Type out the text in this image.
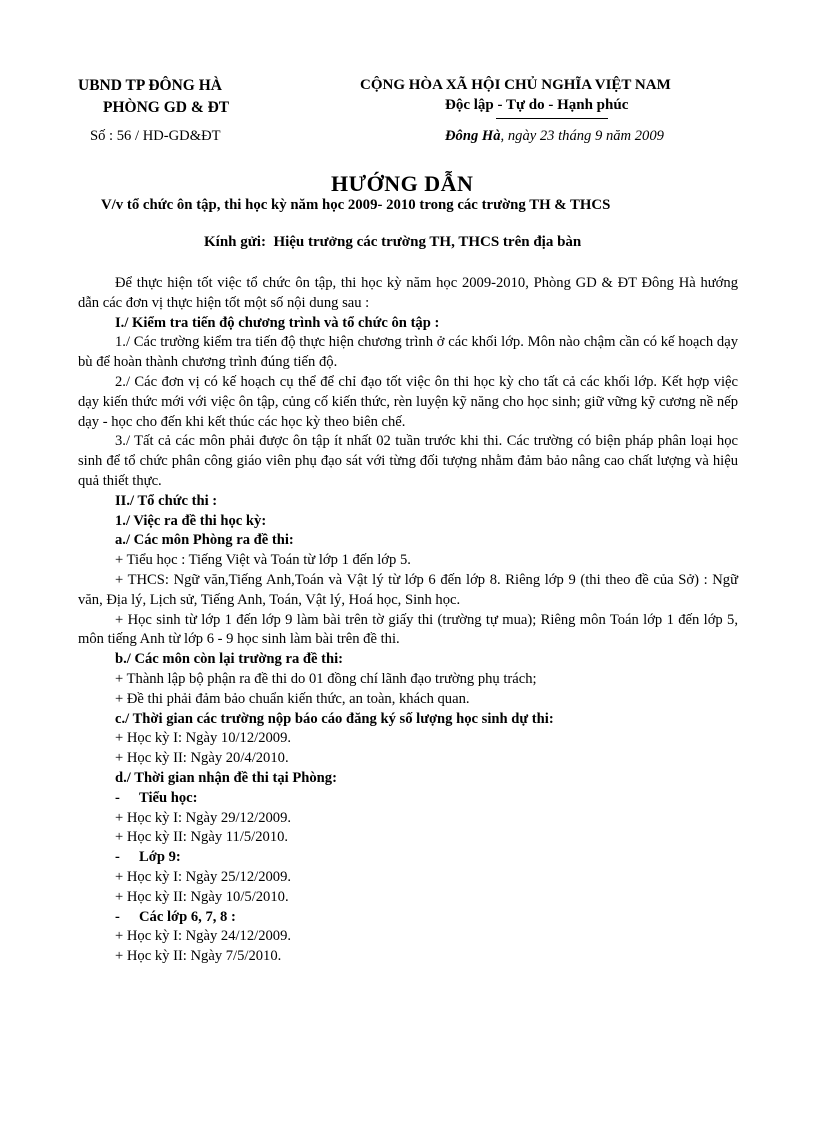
UBND TP ĐÔNG HÀ
PHÒNG GD & ĐT
Số : 56 / HD-GD&ĐT
CỘNG HÒA XÃ HỘI CHỦ NGHĨA VIỆT NAM
Độc lập - Tự do - Hạnh phúc
Đông Hà, ngày 23 tháng 9 năm 2009
HƯỚNG DẪN
V/v tổ chức ôn tập, thi học kỳ năm học 2009- 2010 trong các trường TH & THCS
Kính gửi: Hiệu trưởng các trường TH, THCS trên địa bàn

Để thực hiện tốt việc tổ chức ôn tập, thi học kỳ năm học 2009-2010, Phòng GD & ĐT Đông Hà hướng dẫn các đơn vị thực hiện tốt một số nội dung sau :

I./ Kiểm tra tiến độ chương trình và tổ chức ôn tập :

1./ Các trường kiểm tra tiến độ thực hiện chương trình ở các khối lớp. Môn nào chậm cần có kế hoạch dạy bù để hoàn thành chương trình đúng tiến độ.

2./ Các đơn vị có kế hoạch cụ thể để chỉ đạo tốt việc ôn thi học kỳ cho tất cả các khối lớp. Kết hợp việc dạy kiến thức mới với việc ôn tập, củng cố kiến thức, rèn luyện kỹ năng cho học sinh; giữ vững kỹ cương nề nếp dạy - học cho đến khi kết thúc các học kỳ theo biên chế.

3./ Tất cả các môn phải được ôn tập ít nhất 02 tuần trước khi thi. Các trường có biện pháp phân loại học sinh để tổ chức phân công giáo viên phụ đạo sát với từng đối tượng nhằm đảm bảo nâng cao chất lượng và hiệu quả thiết thực.

II./ Tổ chức thi :

1./ Việc ra đề thi học kỳ:

a./ Các môn Phòng ra đề thi:

+ Tiểu học : Tiếng Việt và Toán từ lớp 1 đến lớp 5.

+ THCS: Ngữ văn,Tiếng Anh,Toán và Vật lý từ lớp 6 đến lớp 8. Riêng lớp 9 (thi theo đề của Sở) : Ngữ văn, Địa lý, Lịch sử, Tiếng Anh, Toán, Vật lý, Hoá học, Sinh học.

+ Học sinh từ lớp 1 đến lớp 9 làm bài trên tờ giấy thi (trường tự mua); Riêng môn Toán lớp 1 đến lớp 5, môn tiếng Anh từ lớp 6 - 9 học sinh làm bài trên đề thi.

b./ Các môn còn lại trường ra đề thi:

+ Thành lập bộ phận ra đề thi do 01 đồng chí lãnh đạo trường phụ trách;

+ Đề thi phải đảm bảo chuẩn kiến thức, an toàn, khách quan.

c./ Thời gian các trường nộp báo cáo đăng ký số lượng học sinh dự thi:

+ Học kỳ I: Ngày 10/12/2009.

+ Học kỳ II: Ngày 20/4/2010.

d./ Thời gian nhận đề thi tại Phòng:

- Tiểu học:

+ Học kỳ I: Ngày 29/12/2009.

+ Học kỳ II: Ngày 11/5/2010.

- Lớp 9:

+ Học kỳ I: Ngày 25/12/2009.

+ Học kỳ II: Ngày 10/5/2010.

- Các lớp 6, 7, 8 :

+ Học kỳ I: Ngày 24/12/2009.

+ Học kỳ II: Ngày 7/5/2010.
